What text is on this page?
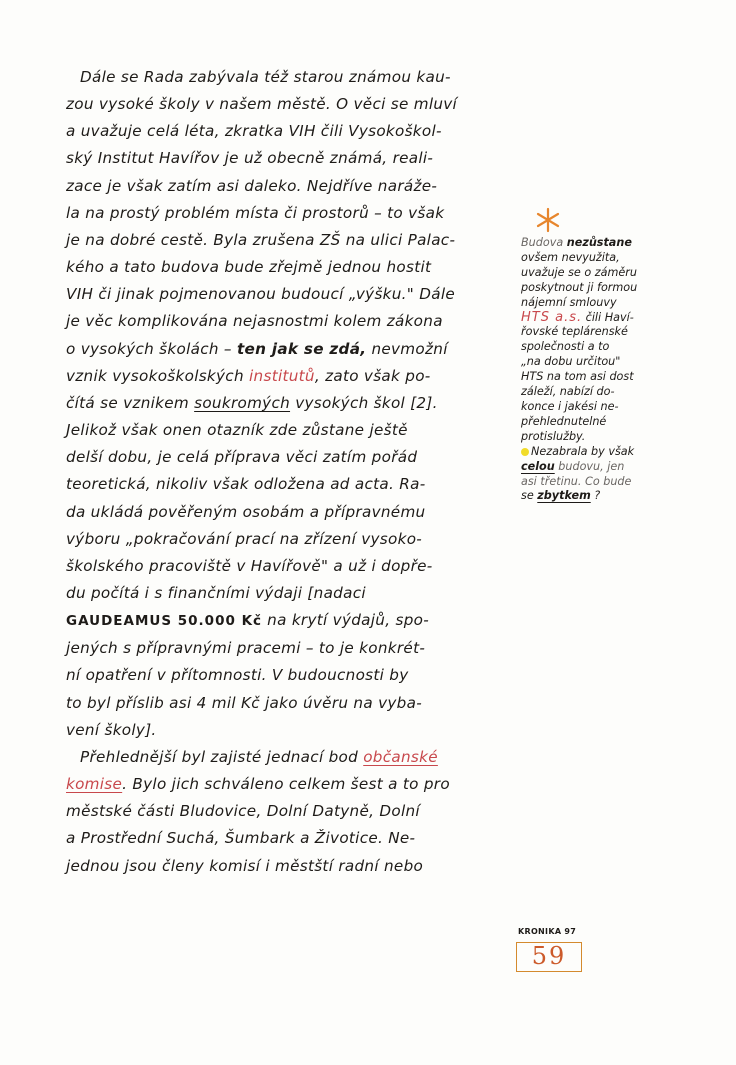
Dále se Rada zabývala též starou známou kau-
zou vysoké školy v našem městě. O věci se mluví
a uvažuje celá léta, zkratka VIH čili Vysokoškol-
ský Institut Havířov je už obecně známá, reali-
zace je však zatím asi daleko. Nejdříve naráže-
la na prostý problém místa či prostorů – to však
je na dobré cestě. Byla zrušena ZŠ na ulici Palac-
kého a tato budova bude zřejmě jednou hostit
VIH či jinak pojmenovanou budoucí „výšku." Dále
je věc komplikována nejasnostmi kolem zákona
o vysokých školách – ten jak se zdá, nevmožní
vznik vysokoškolských institutů, zato však po-
čítá se vznikem soukromých vysokých škol [2].
Jelikož však onen otazník zde zůstane ještě
delší dobu, je celá příprava věci zatím pořád
teoretická, nikoliv však odložena ad acta. Ra-
da ukládá pověřeným osobám a přípravnému
výboru „pokračování prací na zřízení vysoko-
školského pracoviště v Havířově" a už i dopře-
du počítá i s finančními výdaji [nadaci
GAUDEAMUS 50.000 Kč na krytí výdajů, spo-
jených s přípravnými pracemi – to je konkrét-
ní opatření v přítomnosti. V budoucnosti by
to byl příslib asi 4 mil Kč jako úvěru na vyba-
vení školy].
Přehlednější byl zajisté jednací bod občanské
komise. Bylo jich schváleno celkem šest a to pro
městské části Bludovice, Dolní Datyně, Dolní
a Prostřední Suchá, Šumbark a Životice. Ne-
jednou jsou členy komisí i městští radní nebo
Budova nezůstane
ovšem nevyužita,
uvažuje se o záměru
poskytnout ji formou
nájemní smlouvy
HTS a.s. čili Haví-
řovské teplárenské
společnosti a to
„na dobu určitou"
HTS na tom asi dost
záleží, nabízí do-
konce i jakési ne-
přehlednutelné
protislužby.
Nezabrala by však
celou budovu, jen
asi třetinu. Co bude
se zbytkem ?
KRONIKA 97
59
